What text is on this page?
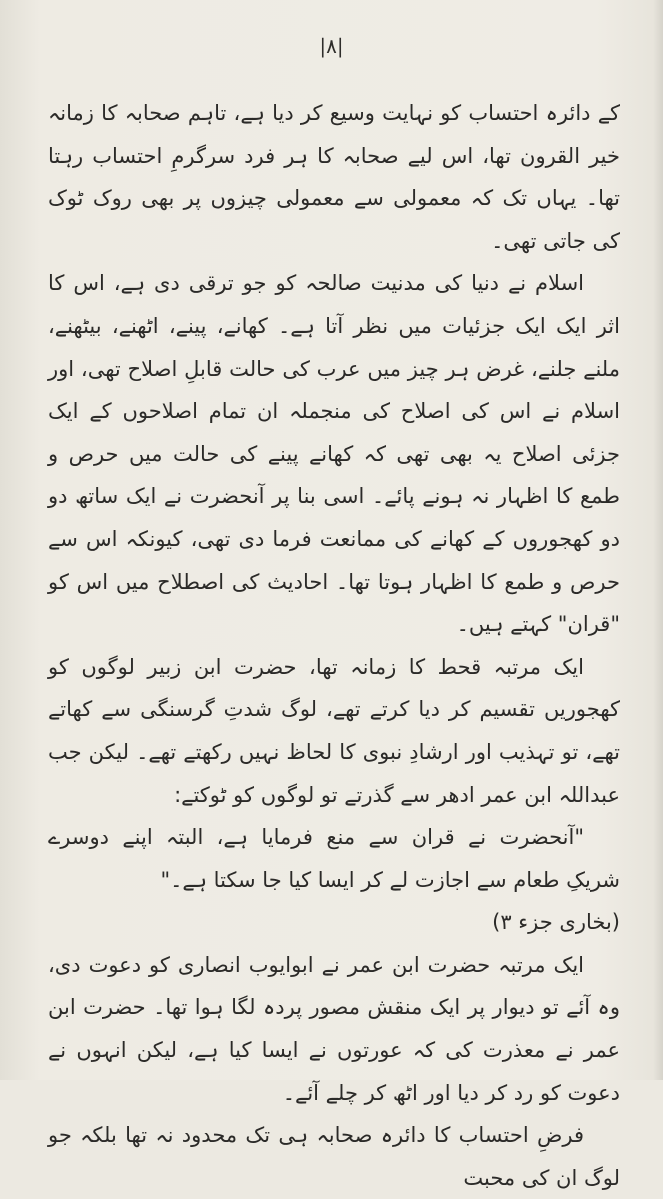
|۸|

کے دائرہ احتساب کو نہایت وسیع کر دیا ہے، تاہم صحابہ کا زمانہ خیر القرون تھا، اس لیے صحابہ کا ہر فرد سرگرمِ احتساب رہتا تھا۔ یہاں تک کہ معمولی سے معمولی چیزوں پر بھی روک ٹوک کی جاتی تھی۔

اسلام نے دنیا کی مدنیت صالحہ کو جو ترقی دی ہے، اس کا اثر ایک ایک جزئیات میں نظر آتا ہے۔ کھانے، پینے، اٹھنے، بیٹھنے، ملنے جلنے، غرض ہر چیز میں عرب کی حالت قابلِ اصلاح تھی، اور اسلام نے اس کی اصلاح کی منجملہ ان تمام اصلاحوں کے ایک جزئی اصلاح یہ بھی تھی کہ کھانے پینے کی حالت میں حرص و طمع کا اظہار نہ ہونے پائے۔ اسی بنا پر آنحضرت نے ایک ساتھ دو دو کھجوروں کے کھانے کی ممانعت فرما دی تھی، کیونکہ اس سے حرص و طمع کا اظہار ہوتا تھا۔ احادیث کی اصطلاح میں اس کو "قران" کہتے ہیں۔

ایک مرتبہ قحط کا زمانہ تھا، حضرت ابن زبیر لوگوں کو کھجوریں تقسیم کر دیا کرتے تھے، لوگ شدتِ گرسنگی سے کھاتے تھے، تو تہذیب اور ارشادِ نبوی کا لحاظ نہیں رکھتے تھے۔ لیکن جب عبداللہ ابن عمر ادھر سے گذرتے تو لوگوں کو ٹوکتے:

"آنحضرت نے قران سے منع فرمایا ہے، البتہ اپنے دوسرے شریکِ طعام سے اجازت لے کر ایسا کیا جا سکتا ہے۔"

(بخاری جزء ۳)

ایک مرتبہ حضرت ابن عمر نے ابوایوب انصاری کو دعوت دی، وہ آئے تو دیوار پر ایک منقش مصور پردہ لگا ہوا تھا۔ حضرت ابن عمر نے معذرت کی کہ عورتوں نے ایسا کیا ہے، لیکن انہوں نے دعوت کو رد کر دیا اور اٹھ کر چلے آئے۔

فرضِ احتساب کا دائرہ صحابہ ہی تک محدود نہ تھا بلکہ جو لوگ ان کی محبت
